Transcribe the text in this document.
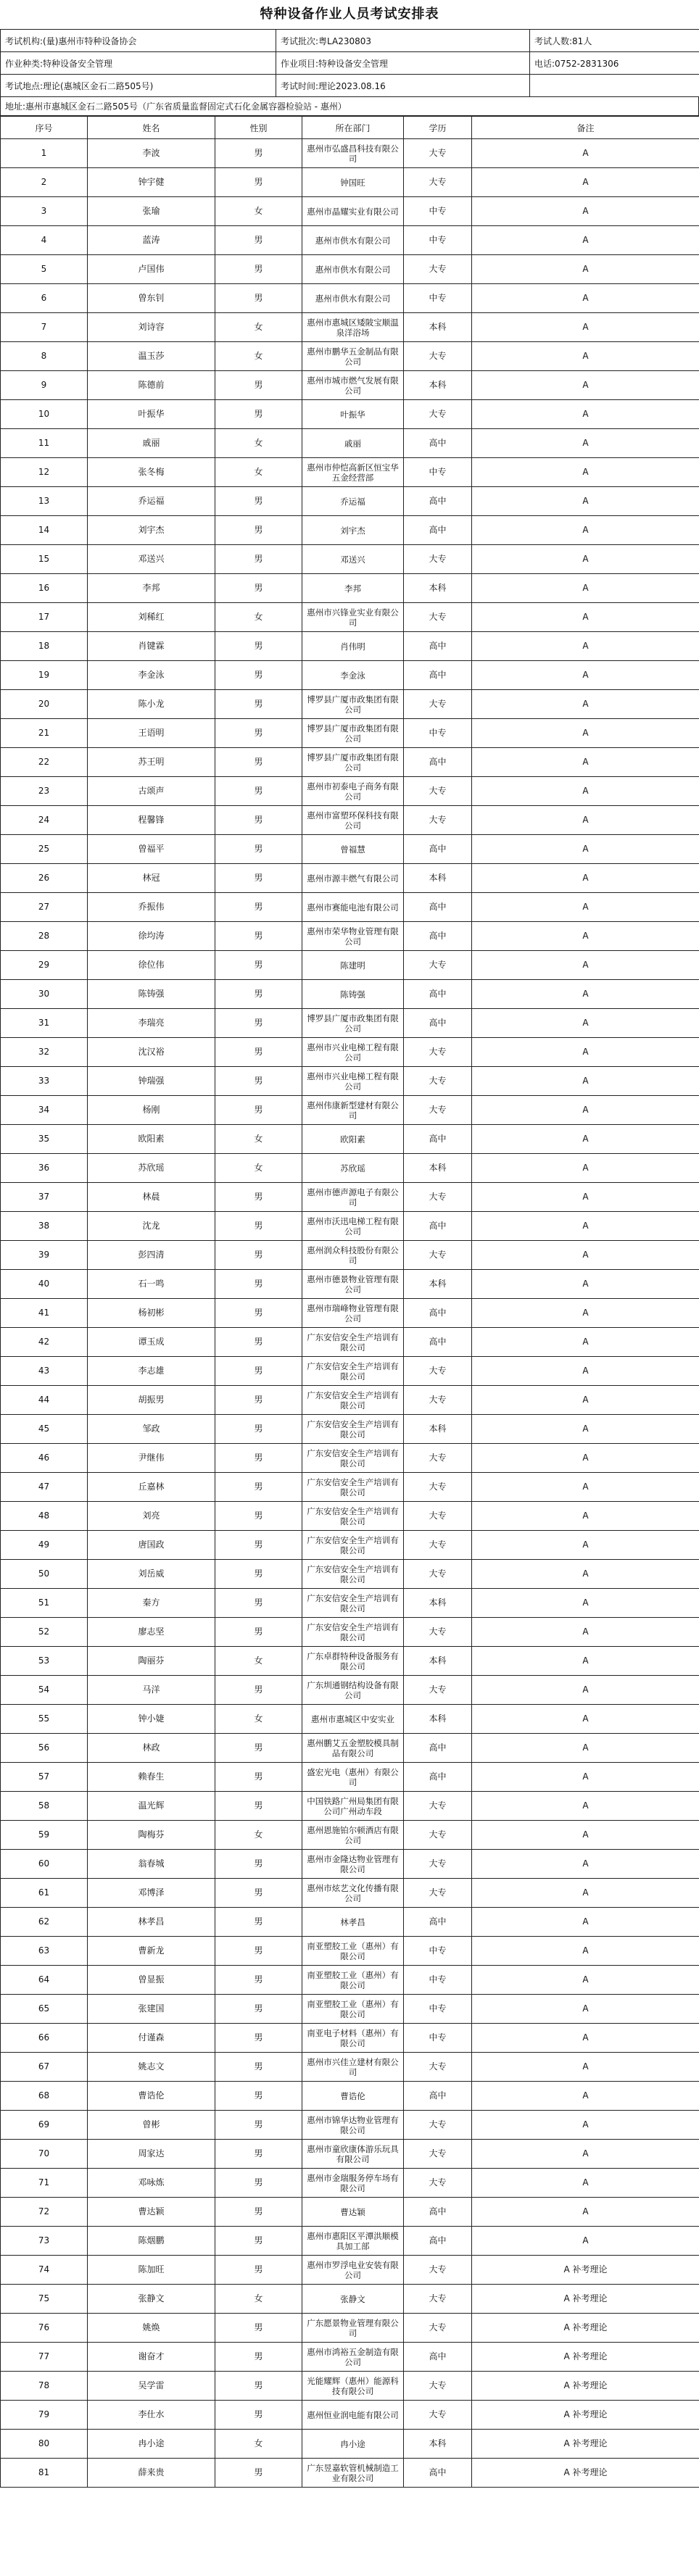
特种设备作业人员考试安排表
考试机构:(量)惠州市特种设备协会	考试批次:粤LA230803	考试人数:81人
作业种类:特种设备安全管理	作业项目:特种设备安全管理	电话:0752-2831306
考试地点:理论(惠城区金石二路505号)	考试时间:理论2023.08.16	
地址:惠州市惠城区金石二路505号（广东省质量监督固定式石化金属容器检验站 - 惠州）
序号	姓名	性别	所在部门	学历	备注
1	李波	男	惠州市弘盛昌科技有限公司	大专	A
2	钟宇健	男	钟国旺	大专	A
3	张瑜	女	惠州市晶耀实业有限公司	中专	A
4	蓝涛	男	惠州市供水有限公司	中专	A
5	卢国伟	男	惠州市供水有限公司	大专	A
6	曾东钊	男	惠州市供水有限公司	中专	A
7	刘诗容	女	惠州市惠城区矮陂宝顺温泉洋浴场	本科	A
8	温玉莎	女	惠州市鹏华五金制品有限公司	大专	A
9	陈德前	男	惠州市城市燃气发展有限公司	本科	A
10	叶振华	男	叶振华	大专	A
11	戚丽	女	戚丽	高中	A
12	张冬梅	女	惠州市仲恺高新区恒宝华五金经营部	中专	A
13	乔运福	男	乔运福	高中	A
14	刘宇杰	男	刘宇杰	高中	A
15	邓送兴	男	邓送兴	大专	A
16	李邦	男	李邦	本科	A
17	刘稀红	女	惠州市兴锋业实业有限公司	大专	A
18	肖键霖	男	肖伟明	高中	A
19	李金泳	男	李金泳	高中	A
20	陈小龙	男	博罗县广厦市政集团有限公司	大专	A
21	王语明	男	博罗县广厦市政集团有限公司	中专	A
22	苏王明	男	博罗县广厦市政集团有限公司	高中	A
23	古颂声	男	惠州市初泰电子商务有限公司	大专	A
24	程馨锋	男	惠州市富塑环保科技有限公司	大专	A
25	曾福平	男	曾福慧	高中	A
26	林冠	男	惠州市源丰燃气有限公司	本科	A
27	乔振伟	男	惠州市赛能电池有限公司	高中	A
28	徐均涛	男	惠州市荣华物业管理有限公司	高中	A
29	徐位伟	男	陈建明	大专	A
30	陈铸强	男	陈铸强	高中	A
31	李瑞亮	男	博罗县广厦市政集团有限公司	高中	A
32	沈汉裕	男	惠州市兴业电梯工程有限公司	大专	A
33	钟瑞强	男	惠州市兴业电梯工程有限公司	大专	A
34	杨刚	男	惠州伟康新型建材有限公司	大专	A
35	欧阳素	女	欧阳素	高中	A
36	苏欣瑶	女	苏欣瑶	本科	A
37	林晨	男	惠州市德声源电子有限公司	大专	A
38	沈龙	男	惠州市沃迅电梯工程有限公司	高中	A
39	彭四清	男	惠州润众科技股份有限公司	大专	A
40	石一鸣	男	惠州市德景物业管理有限公司	本科	A
41	杨初彬	男	惠州市瑞峰物业管理有限公司	高中	A
42	谭玉成	男	广东安信安全生产培训有限公司	高中	A
43	李志雄	男	广东安信安全生产培训有限公司	大专	A
44	胡振男	男	广东安信安全生产培训有限公司	大专	A
45	邹政	男	广东安信安全生产培训有限公司	本科	A
46	尹继伟	男	广东安信安全生产培训有限公司	大专	A
47	丘嘉林	男	广东安信安全生产培训有限公司	大专	A
48	刘亮	男	广东安信安全生产培训有限公司	大专	A
49	唐国政	男	广东安信安全生产培训有限公司	大专	A
50	刘岳威	男	广东安信安全生产培训有限公司	大专	A
51	秦方	男	广东安信安全生产培训有限公司	本科	A
52	廖志坚	男	广东安信安全生产培训有限公司	大专	A
53	陶丽芬	女	广东卓群特种设备服务有限公司	本科	A
54	马洋	男	广东圳通钢结构设备有限公司	大专	A
55	钟小婕	女	惠州市惠城区中安实业	本科	A
56	林政	男	惠州鹏艾五金塑胶模具制品有限公司	高中	A
57	赖春生	男	盛宏光电（惠州）有限公司	高中	A
58	温光辉	男	中国铁路广州局集团有限公司广州动车段	大专	A
59	陶梅芬	女	惠州恩施铂尔顿酒店有限公司	大专	A
60	翁春城	男	惠州市金隆达物业管理有限公司	大专	A
61	邓博泽	男	惠州市炫艺文化传播有限公司	大专	A
62	林孝昌	男	林孝昌	高中	A
63	曹新龙	男	南亚塑胶工业（惠州）有限公司	中专	A
64	曾显振	男	南亚塑胶工业（惠州）有限公司	中专	A
65	张建国	男	南亚塑胶工业（惠州）有限公司	中专	A
66	付谨森	男	南亚电子材料（惠州）有限公司	中专	A
67	姚志文	男	惠州市兴佳立建材有限公司	大专	A
68	曹诰伦	男	曹诰伦	高中	A
69	曾彬	男	惠州市锦华达物业管理有限公司	大专	A
70	周家达	男	惠州市童欣康体游乐玩具有限公司	大专	A
71	邓咏炼	男	惠州市金瑞服务停车场有限公司	大专	A
72	曹达颖	男	曹达颖	高中	A
73	陈烟鹏	男	惠州市惠阳区平潭洪顺模具加工部	高中	A
74	陈加旺	男	惠州市罗浮电业安装有限公司	大专	A 补考理论
75	张静文	女	张静文	大专	A 补考理论
76	姚焕	男	广东愿景物业管理有限公司	大专	A 补考理论
77	谢奋才	男	惠州市鸿裕五金制造有限公司	高中	A 补考理论
78	吴学雷	男	光能耀辉（惠州）能源科技有限公司	大专	A 补考理论
79	李仕水	男	惠州恒业润电能有限公司	大专	A 补考理论
80	冉小途	女	冉小途	本科	A 补考理论
81	薛来贵	男	广东昱嘉软管机械制造工业有限公司	高中	A 补考理论
